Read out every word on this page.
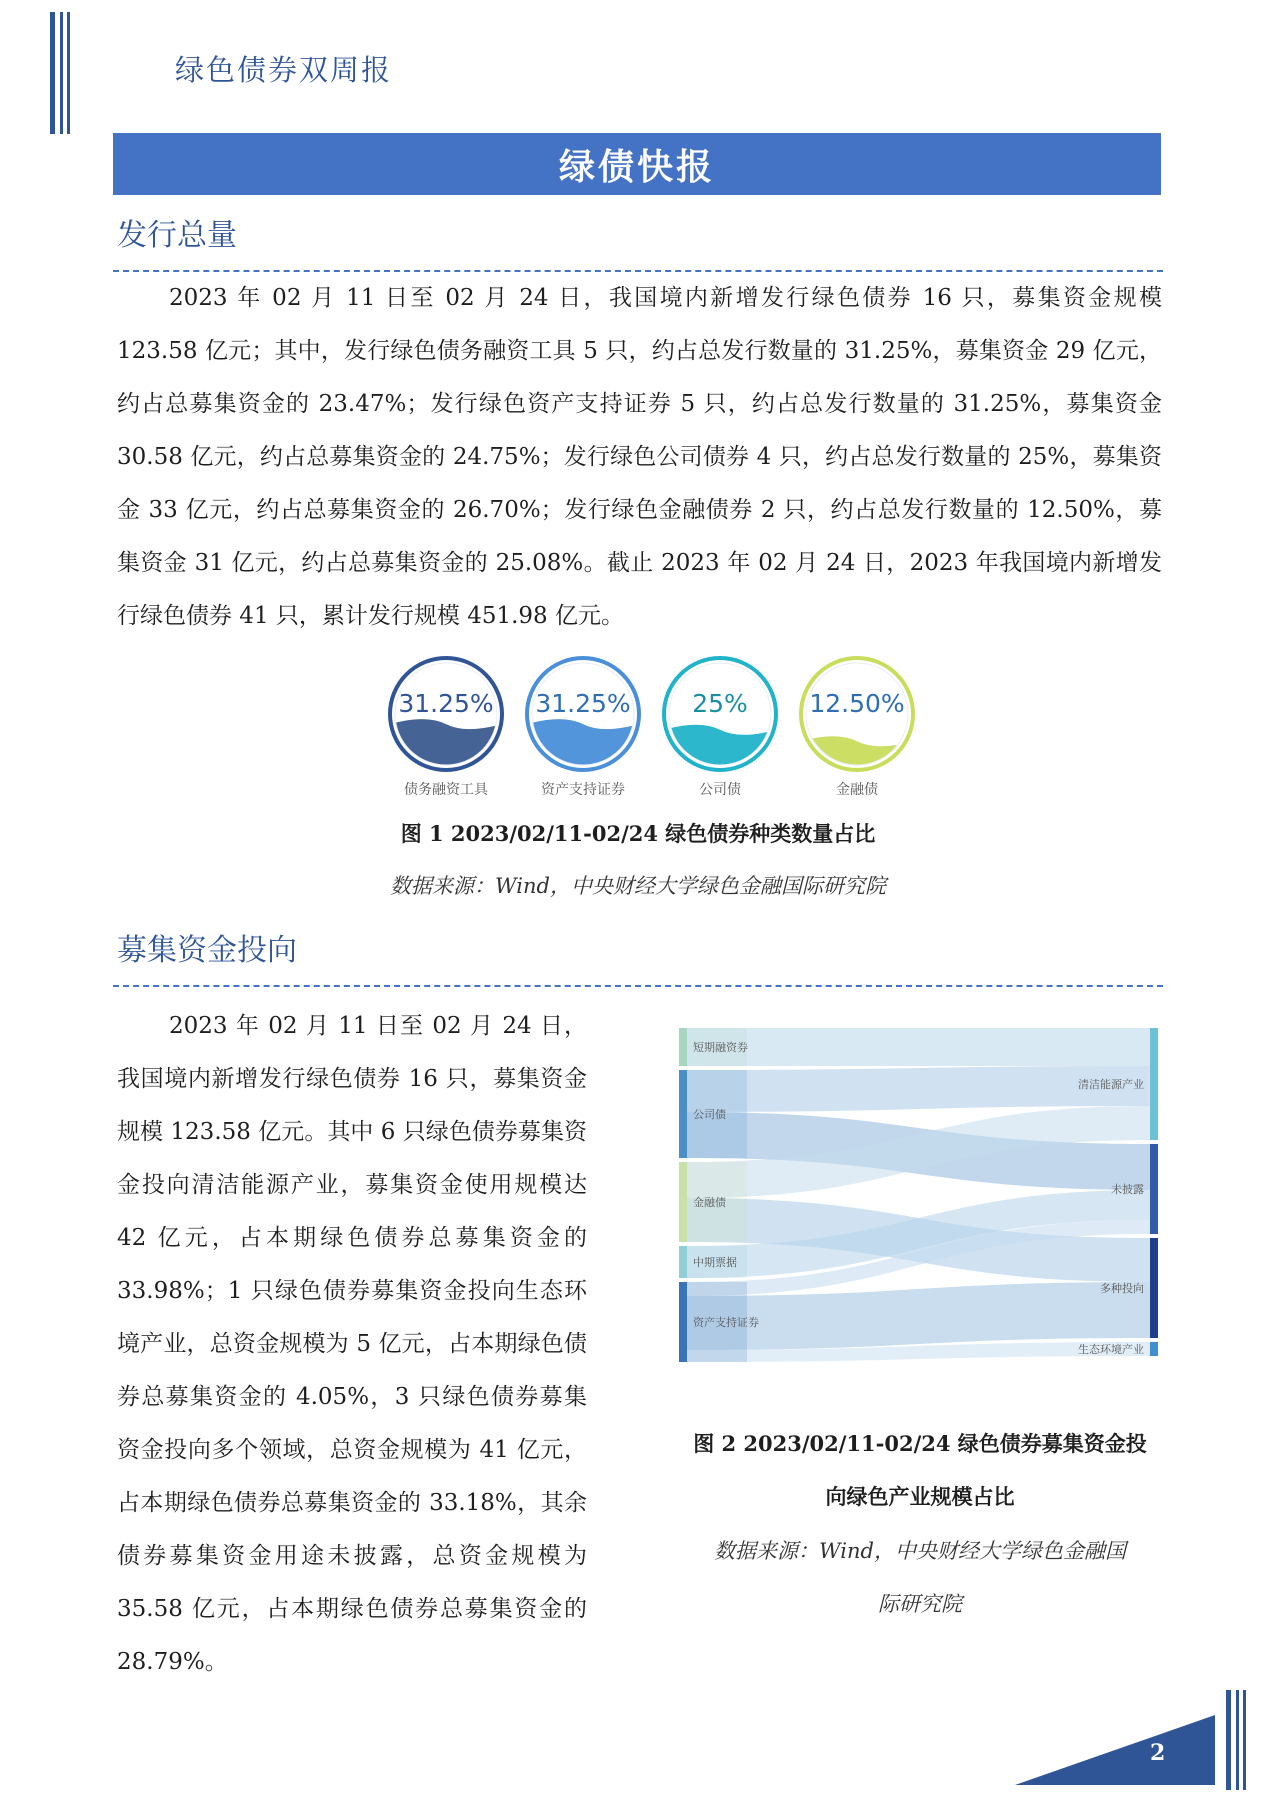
绿色债券双周报
绿债快报
发行总量
2023 年 02 月 11 日至 02 月 24 日，我国境内新增发行绿色债券 16 只，募集资金规模 123.58 亿元；其中，发行绿色债务融资工具 5 只，约占总发行数量的 31.25%，募集资金 29 亿元，约占总募集资金的 23.47%；发行绿色资产支持证券 5 只，约占总发行数量的 31.25%，募集资金 30.58 亿元，约占总募集资金的 24.75%；发行绿色公司债券 4 只，约占总发行数量的 25%，募集资金 33 亿元，约占总募集资金的 26.70%；发行绿色金融债券 2 只，约占总发行数量的 12.50%，募集资金 31 亿元，约占总募集资金的 25.08%。截止 2023 年 02 月 24 日，2023 年我国境内新增发行绿色债券 41 只，累计发行规模 451.98 亿元。
31.25%
债务融资工具
31.25%
资产支持证券
25%
公司债
12.50%
金融债
图 1 2023/02/11-02/24 绿色债券种类数量占比
数据来源：Wind，中央财经大学绿色金融国际研究院
募集资金投向
2023 年 02 月 11 日至 02 月 24 日，我国境内新增发行绿色债券 16 只，募集资金规模 123.58 亿元。其中 6 只绿色债券募集资金投向清洁能源产业，募集资金使用规模达 42 亿元，占本期绿色债券总募集资金的 33.98%；1 只绿色债券募集资金投向生态环境产业，总资金规模为 5 亿元，占本期绿色债券总募集资金的 4.05%，3 只绿色债券募集资金投向多个领域，总资金规模为 41 亿元，占本期绿色债券总募集资金的 33.18%，其余债券募集资金用途未披露，总资金规模为 35.58 亿元，占本期绿色债券总募集资金的 28.79%。
短期融资券
公司债
金融债
中期票据
资产支持证券
清洁能源产业
未披露
多种投向
生态环境产业
图 2 2023/02/11-02/24 绿色债券募集资金投
向绿色产业规模占比
数据来源：Wind，中央财经大学绿色金融国
际研究院
2
